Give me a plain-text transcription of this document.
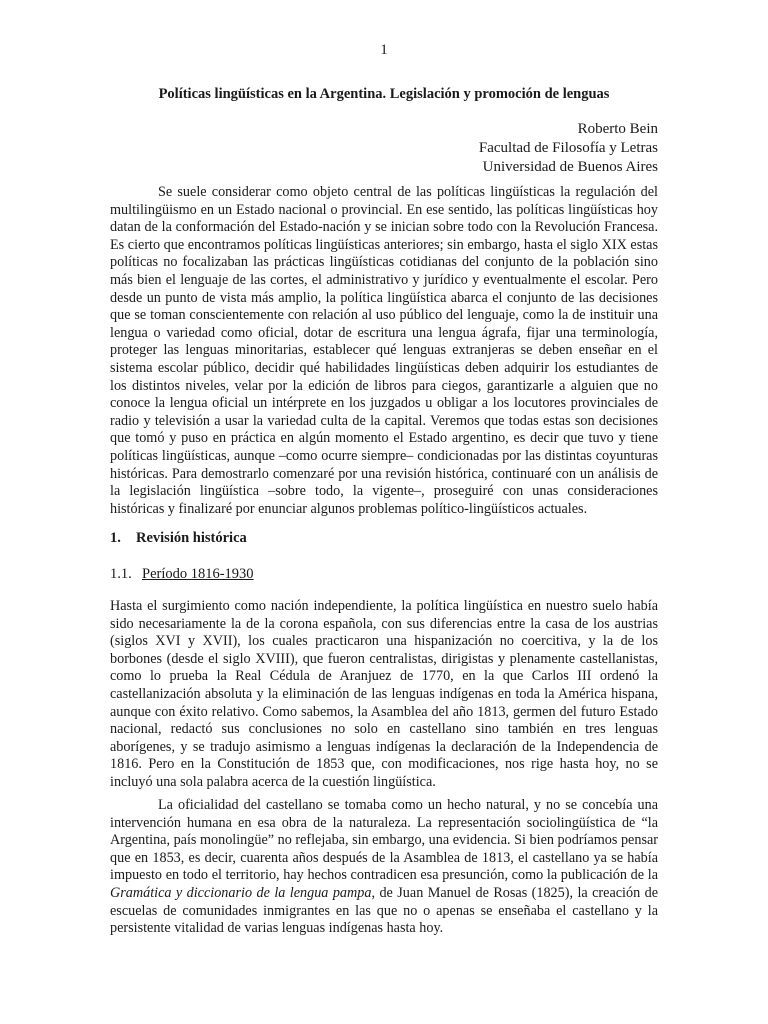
1
Políticas lingüísticas en la Argentina. Legislación y promoción de lenguas
Roberto Bein
Facultad de Filosofía y Letras
Universidad de Buenos Aires

Se suele considerar como objeto central de las políticas lingüísticas la regulación del multilingüismo en un Estado nacional o provincial. En ese sentido, las políticas lingüísticas hoy datan de la conformación del Estado-nación y se inician sobre todo con la Revolución Francesa. Es cierto que encontramos políticas lingüísticas anteriores; sin embargo, hasta el siglo XIX estas políticas no focalizaban las prácticas lingüísticas cotidianas del conjunto de la población sino más bien el lenguaje de las cortes, el administrativo y jurídico y eventualmente el escolar. Pero desde un punto de vista más amplio, la política lingüística abarca el conjunto de las decisiones que se toman conscientemente con relación al uso público del lenguaje, como la de instituir una lengua o variedad como oficial, dotar de escritura una lengua ágrafa, fijar una terminología, proteger las lenguas minoritarias, establecer qué lenguas extranjeras se deben enseñar en el sistema escolar público, decidir qué habilidades lingüísticas deben adquirir los estudiantes de los distintos niveles, velar por la edición de libros para ciegos, garantizarle a alguien que no conoce la lengua oficial un intérprete en los juzgados u obligar a los locutores provinciales de radio y televisión a usar la variedad culta de la capital. Veremos que todas estas son decisiones que tomó y puso en práctica en algún momento el Estado argentino, es decir que tuvo y tiene políticas lingüísticas, aunque –como ocurre siempre– condicionadas por las distintas coyunturas históricas. Para demostrarlo comenzaré por una revisión histórica, continuaré con un análisis de la legislación lingüística –sobre todo, la vigente–, proseguiré con unas consideraciones históricas y finalizaré por enunciar algunos problemas político-lingüísticos actuales.

1. Revisión histórica
1.1. Período 1816-1930

Hasta el surgimiento como nación independiente, la política lingüística en nuestro suelo había sido necesariamente la de la corona española, con sus diferencias entre la casa de los austrias (siglos XVI y XVII), los cuales practicaron una hispanización no coercitiva, y la de los borbones (desde el siglo XVIII), que fueron centralistas, dirigistas y plenamente castellanistas, como lo prueba la Real Cédula de Aranjuez de 1770, en la que Carlos III ordenó la castellanización absoluta y la eliminación de las lenguas indígenas en toda la América hispana, aunque con éxito relativo. Como sabemos, la Asamblea del año 1813, germen del futuro Estado nacional, redactó sus conclusiones no solo en castellano sino también en tres lenguas aborígenes, y se tradujo asimismo a lenguas indígenas la declaración de la Independencia de 1816. Pero en la Constitución de 1853 que, con modificaciones, nos rige hasta hoy, no se incluyó una sola palabra acerca de la cuestión lingüística.

La oficialidad del castellano se tomaba como un hecho natural, y no se concebía una intervención humana en esa obra de la naturaleza. La representación sociolingüística de “la Argentina, país monolingüe” no reflejaba, sin embargo, una evidencia. Si bien podríamos pensar que en 1853, es decir, cuarenta años después de la Asamblea de 1813, el castellano ya se había impuesto en todo el territorio, hay hechos contradicen esa presunción, como la publicación de la Gramática y diccionario de la lengua pampa, de Juan Manuel de Rosas (1825), la creación de escuelas de comunidades inmigrantes en las que no o apenas se enseñaba el castellano y la persistente vitalidad de varias lenguas indígenas hasta hoy.
